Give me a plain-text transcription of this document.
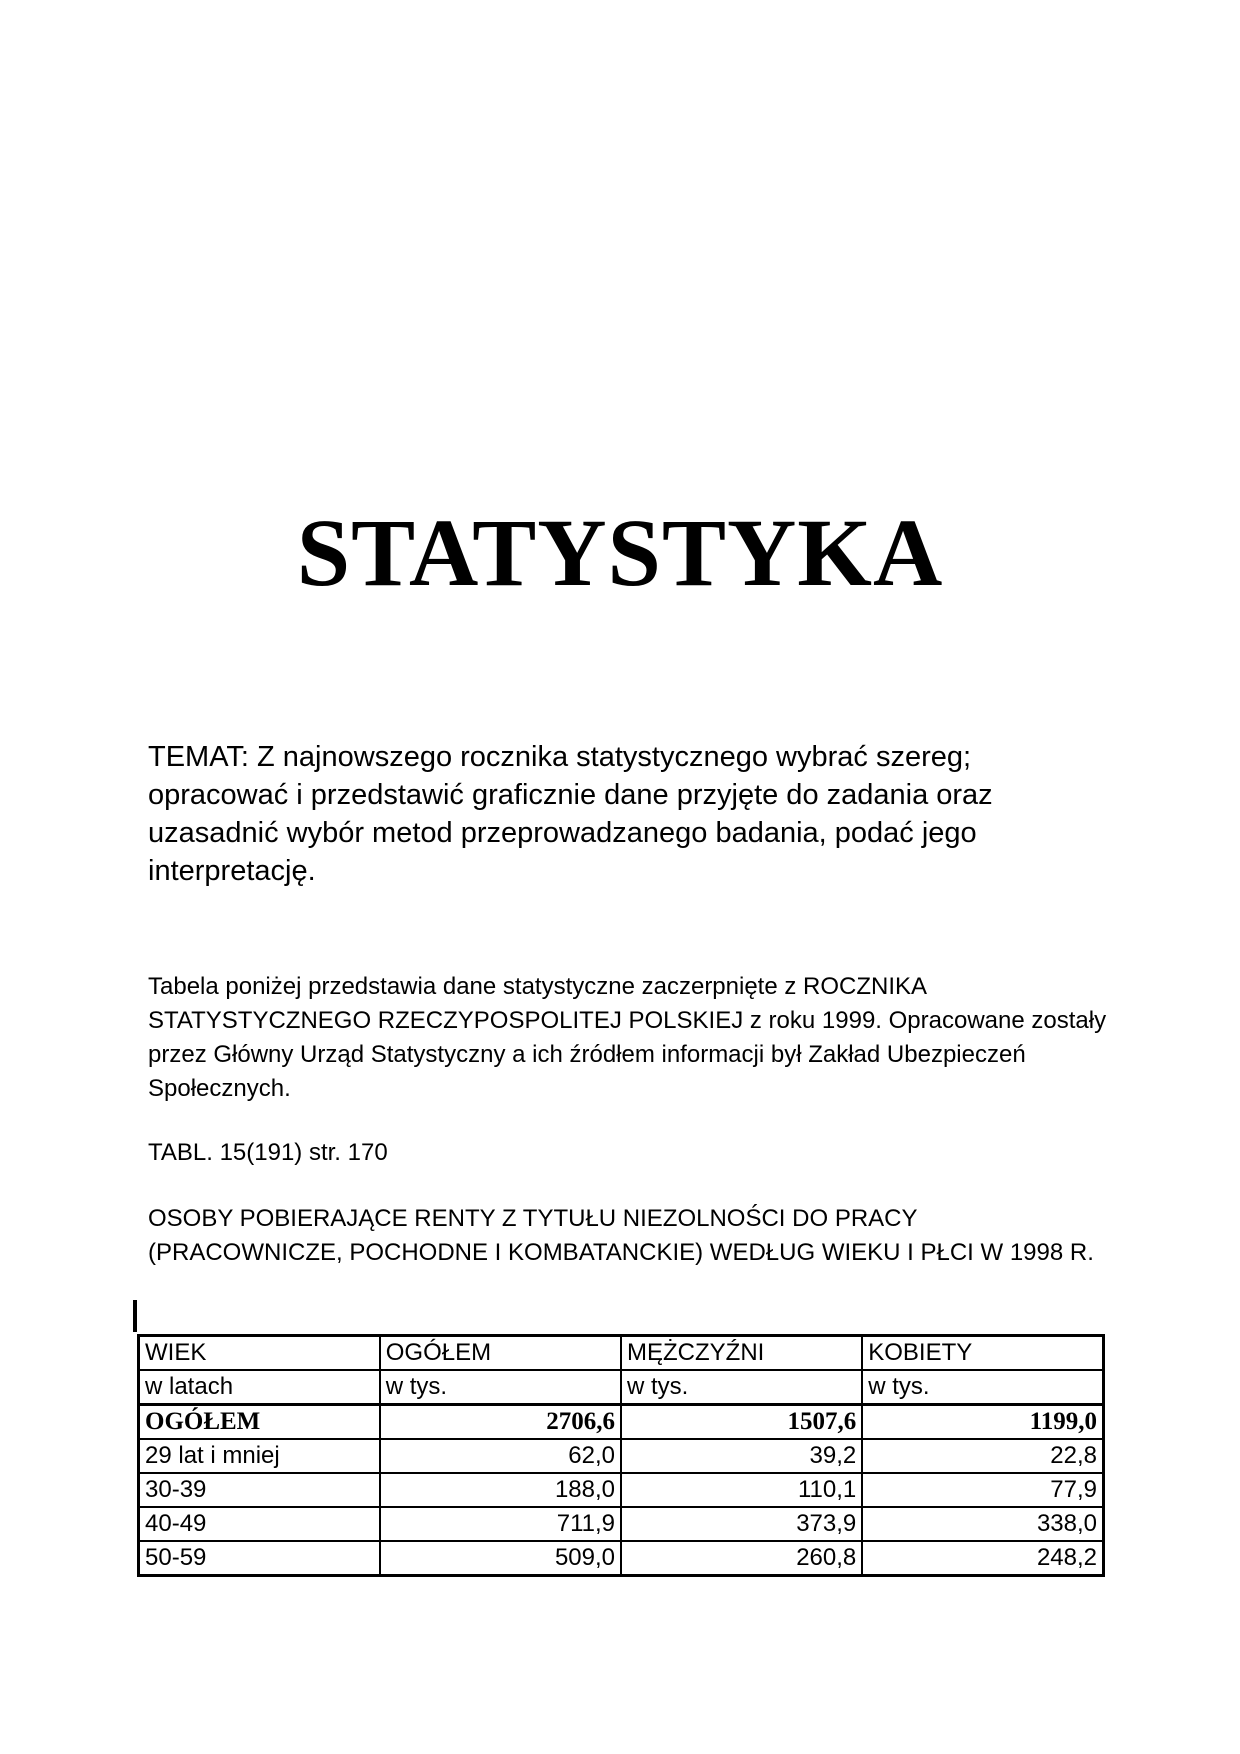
STATYSTYKA

TEMAT: Z najnowszego rocznika statystycznego wybrać szereg; opracować i przedstawić graficznie dane przyjęte do zadania oraz uzasadnić wybór metod przeprowadzanego badania, podać jego interpretację.

Tabela poniżej przedstawia dane statystyczne zaczerpnięte z ROCZNIKA STATYSTYCZNEGO RZECZYPOSPOLITEJ POLSKIEJ z roku 1999. Opracowane zostały przez Główny Urząd Statystyczny a ich źródłem informacji był Zakład Ubezpieczeń Społecznych.

TABL. 15(191) str. 170

OSOBY POBIERAJĄCE RENTY Z TYTUŁU NIEZOLNOŚCI DO PRACY (PRACOWNICZE, POCHODNE I KOMBATANCKIE) WEDŁUG WIEKU I PŁCI W 1998 R.

WIEK	OGÓŁEM	MĘŻCZYŹNI	KOBIETY
w latach	w tys.	w tys.	w tys.
OGÓŁEM	2706,6	1507,6	1199,0
29 lat i mniej	62,0	39,2	22,8
30-39	188,0	110,1	77,9
40-49	711,9	373,9	338,0
50-59	509,0	260,8	248,2
